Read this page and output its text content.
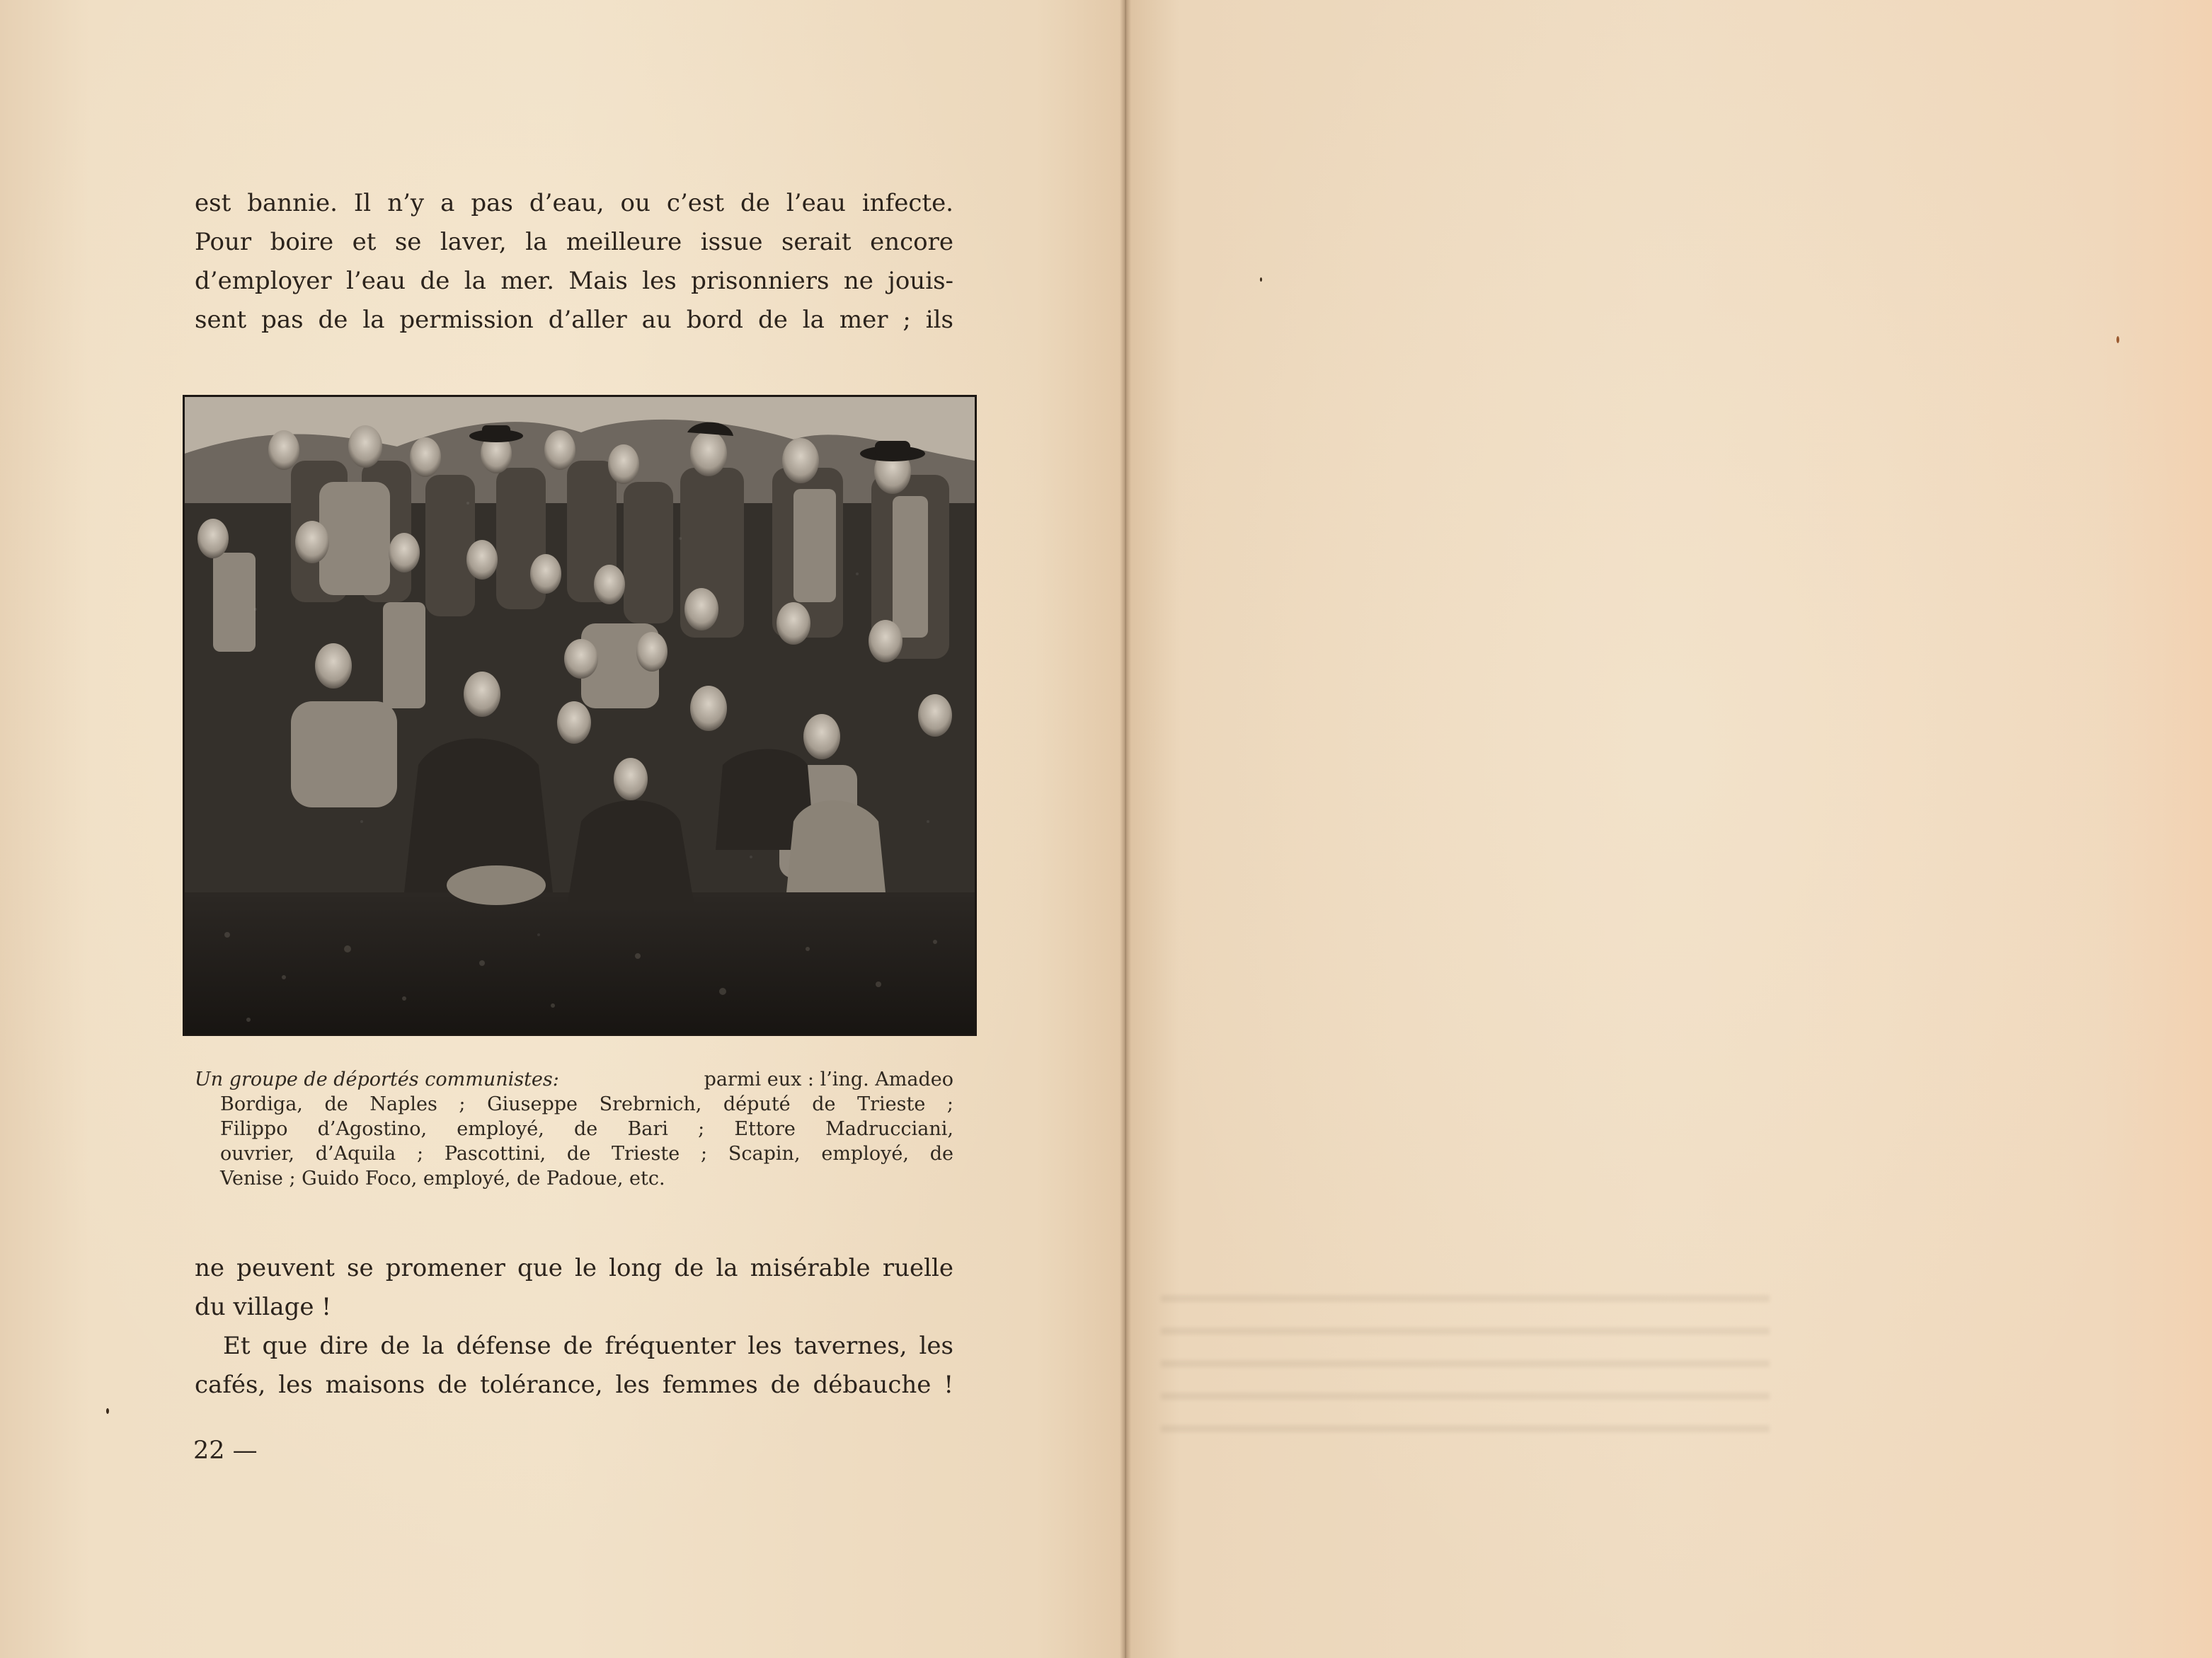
est bannie. Il n’y a pas d’eau, ou c’est de l’eau infecte.
Pour boire et se laver, la meilleure issue serait encore
d’employer l’eau de la mer. Mais les prisonniers ne jouis-
sent pas de la permission d’aller au bord de la mer ; ils

Un groupe de déportés communistes:	parmi eux : l’ing. Amadeo
Bordiga, de Naples ; Giuseppe Srebrnich, député de Trieste ;
Filippo d’Agostino, employé, de Bari ; Ettore Madrucciani,
ouvrier, d’Aquila ; Pascottini, de Trieste ; Scapin, employé, de
Venise ; Guido Foco, employé, de Padoue, etc.

ne peuvent se promener que le long de la misérable ruelle
du village !
Et que dire de la défense de fréquenter les tavernes, les
cafés, les maisons de tolérance, les femmes de débauche !

22 —
